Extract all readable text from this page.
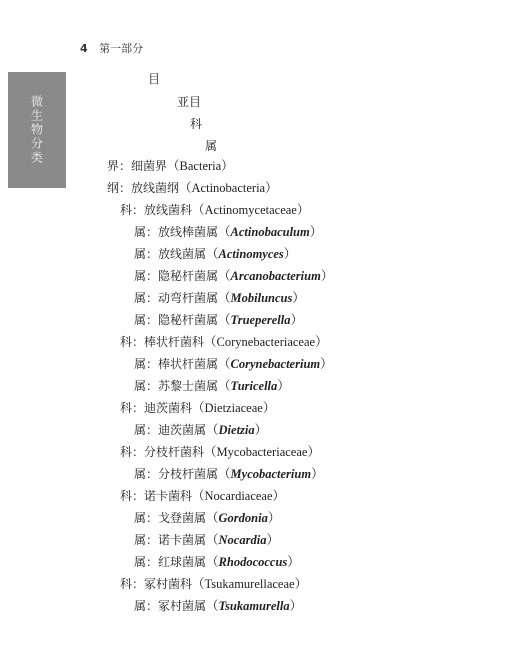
4 第一部分
微生物分类
目
亚目
科
属
界：细菌界（Bacteria）
纲：放线菌纲（Actinobacteria）
科：放线菌科（Actinomycetaceae）
属：放线棒菌属（Actinobaculum）
属：放线菌属（Actinomyces）
属：隐秘杆菌属（Arcanobacterium）
属：动弯杆菌属（Mobiluncus）
属：隐秘杆菌属（Trueperella）
科：棒状杆菌科（Corynebacteriaceae）
属：棒状杆菌属（Corynebacterium）
属：苏黎士菌属（Turicella）
科：迪茨菌科（Dietziaceae）
属：迪茨菌属（Dietzia）
科：分枝杆菌科（Mycobacteriaceae）
属：分枝杆菌属（Mycobacterium）
科：诺卡菌科（Nocardiaceae）
属：戈登菌属（Gordonia）
属：诺卡菌属（Nocardia）
属：红球菌属（Rhodococcus）
科：冢村菌科（Tsukamurellaceae）
属：冢村菌属（Tsukamurella）
